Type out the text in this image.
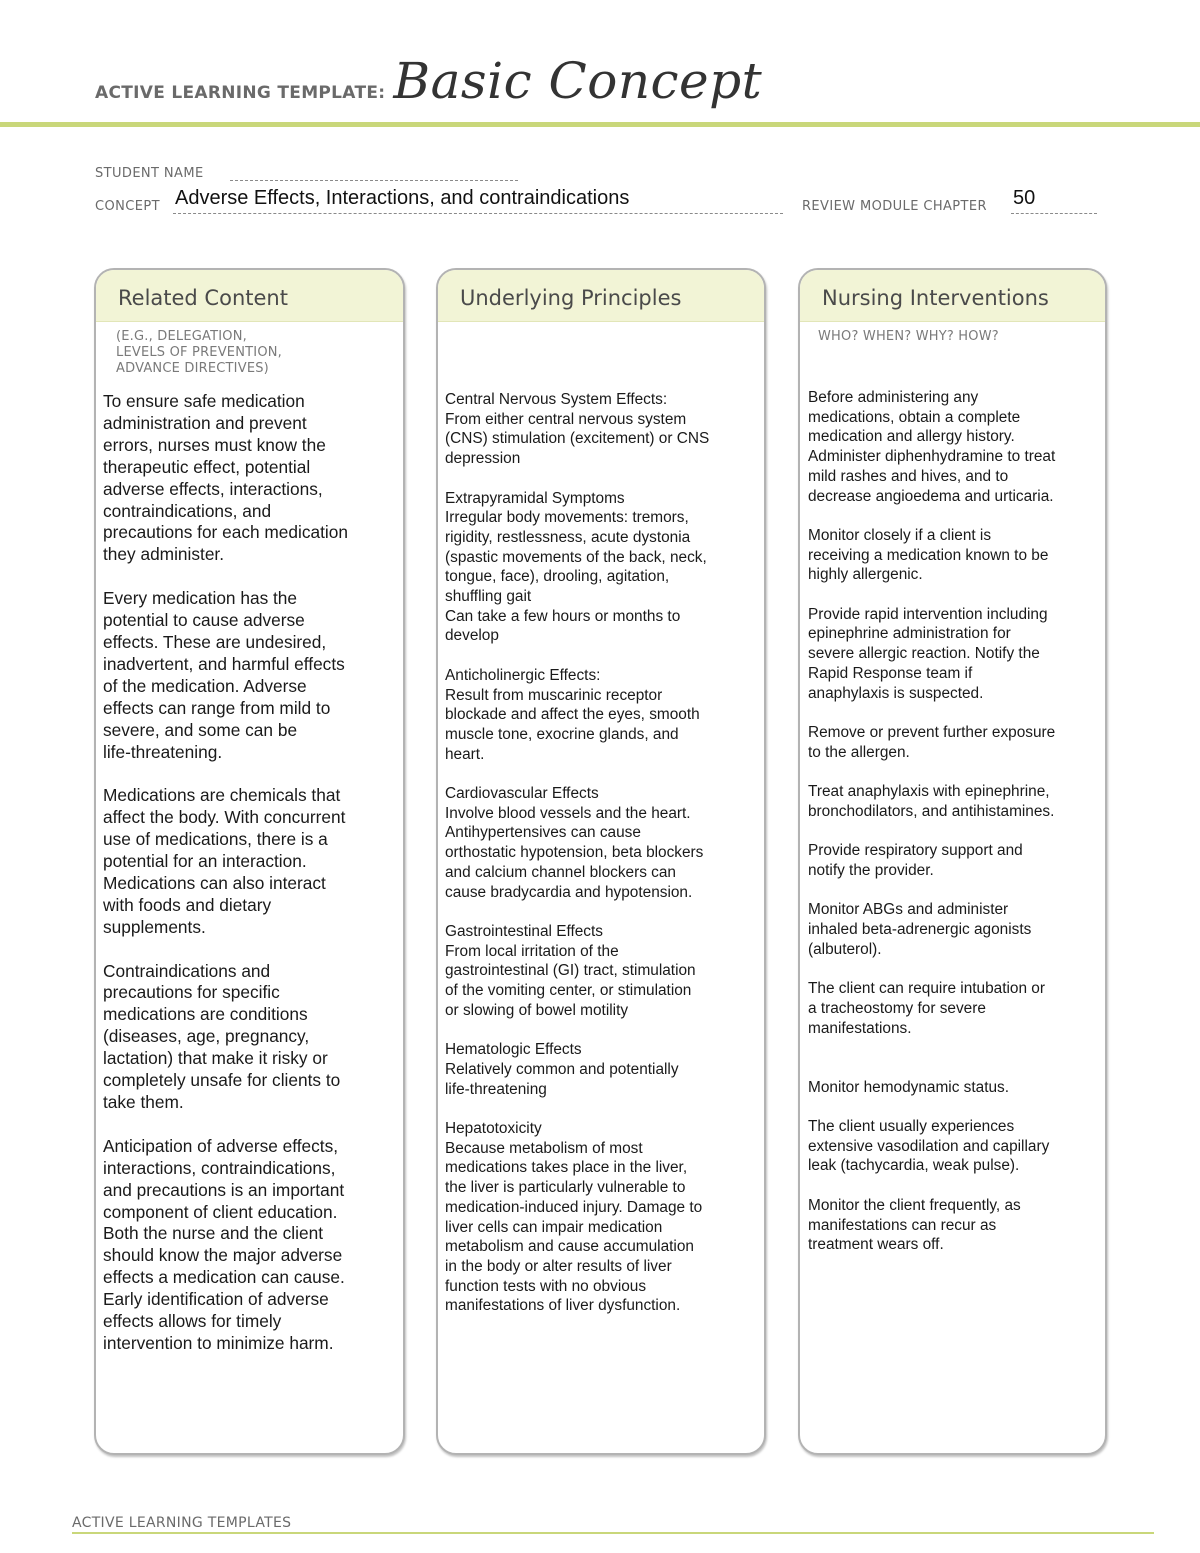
ACTIVE LEARNING TEMPLATE: Basic Concept
STUDENT NAME
CONCEPT Adverse Effects, Interactions, and contraindications	REVIEW MODULE CHAPTER 50
Related Content
(E.G., DELEGATION,
LEVELS OF PREVENTION,
ADVANCE DIRECTIVES)
Underlying Principles	Nursing Interventions
WHO? WHEN? WHY? HOW?
To ensure safe medication
administration and prevent
errors, nurses must know the
therapeutic effect, potential
adverse effects, interactions,
contraindications, and
precautions for each medication
they administer.

Every medication has the
potential to cause adverse
effects. These are undesired,
inadvertent, and harmful effects
of the medication. Adverse
effects can range from mild to
severe, and some can be
life-threatening.

Medications are chemicals that
affect the body. With concurrent
use of medications, there is a
potential for an interaction.
Medications can also interact
with foods and dietary
supplements.

Contraindications and
precautions for specific
medications are conditions
(diseases, age, pregnancy,
lactation) that make it risky or
completely unsafe for clients to
take them.

Anticipation of adverse effects,
interactions, contraindications,
and precautions is an important
component of client education.
Both the nurse and the client
should know the major adverse
effects a medication can cause.
Early identification of adverse
effects allows for timely
intervention to minimize harm.
Central Nervous System Effects:
From either central nervous system
(CNS) stimulation (excitement) or CNS
depression

Extrapyramidal Symptoms
Irregular body movements: tremors,
rigidity, restlessness, acute dystonia
(spastic movements of the back, neck,
tongue, face), drooling, agitation,
shuffling gait
Can take a few hours or months to
develop

Anticholinergic Effects:
Result from muscarinic receptor
blockade and affect the eyes, smooth
muscle tone, exocrine glands, and
heart.

Cardiovascular Effects
Involve blood vessels and the heart.
Antihypertensives can cause
orthostatic hypotension, beta blockers
and calcium channel blockers can
cause bradycardia and hypotension.

Gastrointestinal Effects
From local irritation of the
gastrointestinal (GI) tract, stimulation
of the vomiting center, or stimulation
or slowing of bowel motility

Hematologic Effects
Relatively common and potentially
life-threatening

Hepatotoxicity
Because metabolism of most
medications takes place in the liver,
the liver is particularly vulnerable to
medication-induced injury. Damage to
liver cells can impair medication
metabolism and cause accumulation
in the body or alter results of liver
function tests with no obvious
manifestations of liver dysfunction.
Before administering any
medications, obtain a complete
medication and allergy history.
Administer diphenhydramine to treat
mild rashes and hives, and to
decrease angioedema and urticaria.

Monitor closely if a client is
receiving a medication known to be
highly allergenic.

Provide rapid intervention including
epinephrine administration for
severe allergic reaction. Notify the
Rapid Response team if
anaphylaxis is suspected.

Remove or prevent further exposure
to the allergen.

Treat anaphylaxis with epinephrine,
bronchodilators, and antihistamines.

Provide respiratory support and
notify the provider.

Monitor ABGs and administer
inhaled beta-adrenergic agonists
(albuterol).

The client can require intubation or
a tracheostomy for severe
manifestations.

Monitor hemodynamic status.

The client usually experiences
extensive vasodilation and capillary
leak (tachycardia, weak pulse).

Monitor the client frequently, as
manifestations can recur as
treatment wears off.
ACTIVE LEARNING TEMPLATES
